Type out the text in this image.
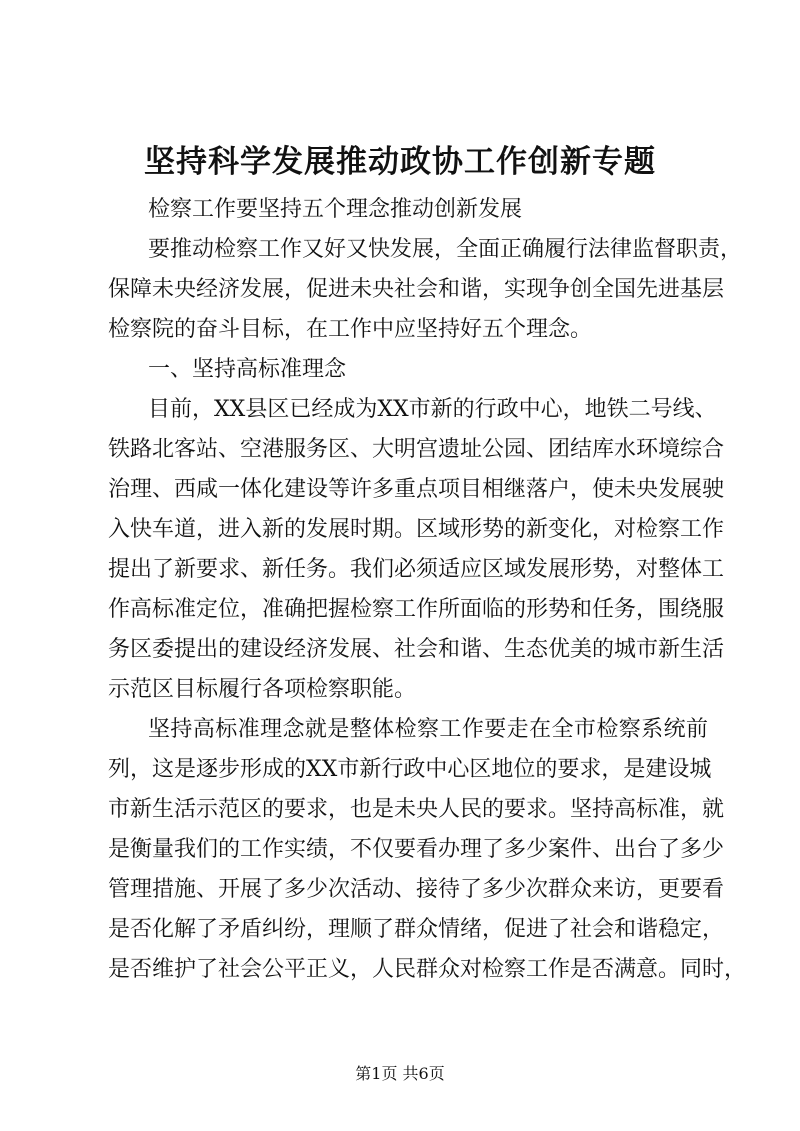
坚持科学发展推动政协工作创新专题
检察工作要坚持五个理念推动创新发展
要推动检察工作又好又快发展，全面正确履行法律监督职责，
保障未央经济发展，促进未央社会和谐，实现争创全国先进基层
检察院的奋斗目标，在工作中应坚持好五个理念。
一、坚持高标准理念
目前，XX县区已经成为XX市新的行政中心，地铁二号线、
铁路北客站、空港服务区、大明宫遗址公园、团结库水环境综合
治理、西咸一体化建设等许多重点项目相继落户，使未央发展驶
入快车道，进入新的发展时期。区域形势的新变化，对检察工作
提出了新要求、新任务。我们必须适应区域发展形势，对整体工
作高标准定位，准确把握检察工作所面临的形势和任务，围绕服
务区委提出的建设经济发展、社会和谐、生态优美的城市新生活
示范区目标履行各项检察职能。
坚持高标准理念就是整体检察工作要走在全市检察系统前
列，这是逐步形成的XX市新行政中心区地位的要求，是建设城
市新生活示范区的要求，也是未央人民的要求。坚持高标准，就
是衡量我们的工作实绩，不仅要看办理了多少案件、出台了多少
管理措施、开展了多少次活动、接待了多少次群众来访，更要看
是否化解了矛盾纠纷，理顺了群众情绪，促进了社会和谐稳定，
是否维护了社会公平正义，人民群众对检察工作是否满意。同时，
第1页 共6页
